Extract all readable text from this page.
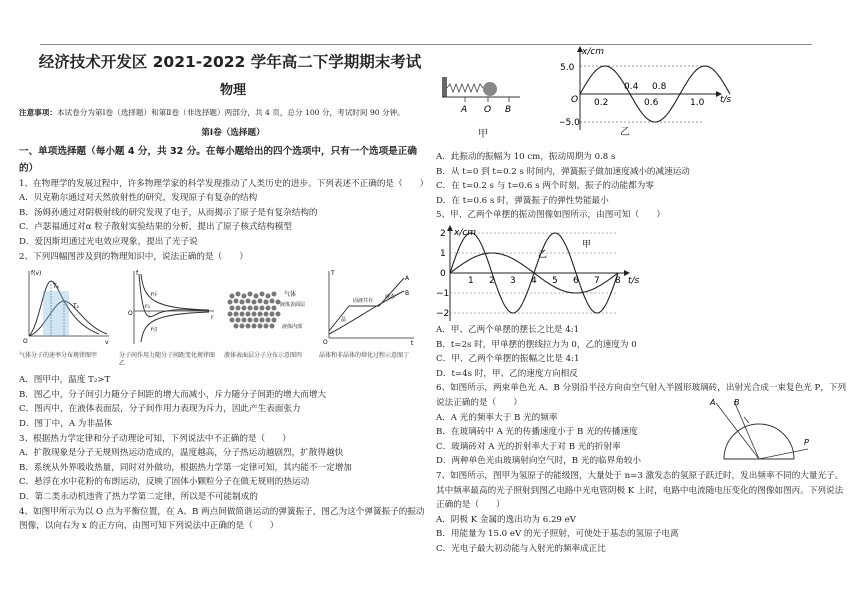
经济技术开发区 2021-2022 学年高二下学期期末考试
物理

注意事项：本试卷分为第Ⅰ卷（选择题）和第Ⅱ卷（非选择题）两部分，共 4 页，总分 100 分，考试时间 90 分钟。

第Ⅰ卷（选择题）

一、单项选择题（每小题 4 分，共 32 分。在每小题给出的四个选项中，只有一个选项是正确的）

1、在物理学的发展过程中，许多物理学家的科学发现推动了人类历史的进步。下列表述不正确的是（　　）

A．贝克勒尔通过对天然放射性的研究，发现原子有复杂的结构

B．汤姆孙通过对阴极射线的研究发现了电子，从而揭示了原子是有复杂结构的

C．卢瑟福通过对α 粒子散射实验结果的分析，提出了原子核式结构模型

D．爱因斯坦通过光电效应现象，提出了光子说

2、下列四幅图涉及到的物理知识中，说法正确的是（　　）

f(v)
v
T₁
T₂
O
气体分子的速率分布规律图甲
f
r
r₀
f斥
f引
O
分子间作用力随分子间距变化规律图乙
气体
液体表面层
液体内部
液体表面层分子分布示意图丙
T
t
固液共存
液态
A
B
晶
O
晶体和非晶体的熔化过程示意图丁

A．图甲中，温度 T₂>T

B．图乙中，分子间引力随分子间距的增大而减小，斥力随分子间距的增大而增大

C．图丙中，在液体表面层，分子间作用力表现为斥力，因此产生表面张力

D．图丁中，A 为非晶体

3、根据热力学定律和分子动理论可知，下列说法中不正确的是（　　）

A．扩散现象是分子无规则热运动造成的，温度越高，分子热运动越剧烈，扩散得越快

B．系统从外界吸收热量，同时对外做功，根据热力学第一定律可知，其内能不一定增加

C．悬浮在水中花粉的布朗运动，反映了固体小颗粒分子在做无规则的热运动

D．第二类永动机违背了热力学第二定律，所以是不可能制成的

4、如图甲所示为以 O 点为平衡位置，在 A、B 两点间做简谐运动的弹簧振子，图乙为这个弹簧振子的振动图像，以向右为 x 的正方向，由图可知下列说法中正确的是（　　）

A O B
甲
x/cm
t/s
5.0
−5.0
O 0.2
0.4
0.6
0.8
1.0
乙

A．此振动的振幅为 10 cm，振动周期为 0.8 s

B．从 t=0 到 t=0.2 s 时间内，弹簧振子做加速度减小的减速运动

C．在 t=0.2 s 与 t=0.6 s 两个时刻，振子的动能都为零

D．在 t=0.6 s 时，弹簧振子的弹性势能最小

5、甲、乙两个单摆的振动图像如图所示，由图可知（　　）

1 2 3 4 5 6 7 8
2
1
0
−1
−2
x/cm
t/s
甲
乙

A．甲、乙两个单摆的摆长之比是 4:1

B．t=2s 时，甲单摆的摆线拉力为 0，乙的速度为 0

C．甲、乙两个单摆的振幅之比是 4:1

D．t=4s 时，甲、乙的速度方向相反

6、如图所示，两束单色光 A、B 分别沿半径方向由空气射入半圆形玻璃砖，出射光合成一束复色光 P，下列说法正确的是（　　）

A．A 光的频率大于 B 光的频率

B．在玻璃砖中 A 光的传播速度小于 B 光的传播速度

C．玻璃砖对 A 光的折射率大于对 B 光的折射率

D．两种单色光由玻璃射向空气时，B 光的临界角较小

A B
P

7、如图所示，图甲为氢原子的能级图，大量处于 n=3 激发态的氢原子跃迁时，发出频率不同的大量光子。其中频率最高的光子照射到图乙电路中光电管阴极 K 上时，电路中电流随电压变化的图像如图丙。下列说法正确的是（　　）

A．阴极 K 金属的逸出功为 6.29 eV

B．用能量为 15.0 eV 的光子照射，可使处于基态的氢原子电离

C．光电子最大初动能与入射光的频率成正比
